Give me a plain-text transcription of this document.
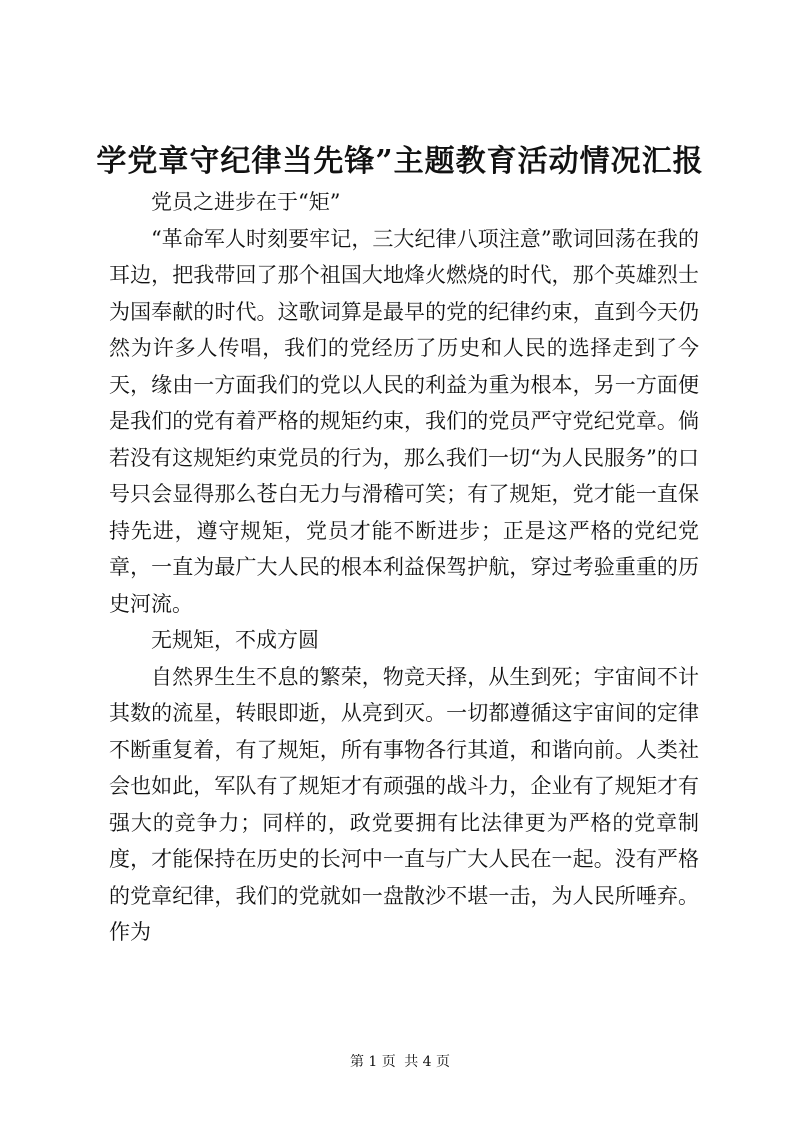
学党章守纪律当先锋”主题教育活动情况汇报

党员之进步在于“矩”

“革命军人时刻要牢记，三大纪律八项注意”歌词回荡在我的耳边，把我带回了那个祖国大地烽火燃烧的时代，那个英雄烈士为国奉献的时代。这歌词算是最早的党的纪律约束，直到今天仍然为许多人传唱，我们的党经历了历史和人民的选择走到了今天，缘由一方面我们的党以人民的利益为重为根本，另一方面便是我们的党有着严格的规矩约束，我们的党员严守党纪党章。倘若没有这规矩约束党员的行为，那么我们一切“为人民服务”的口号只会显得那么苍白无力与滑稽可笑；有了规矩，党才能一直保持先进，遵守规矩，党员才能不断进步；正是这严格的党纪党章，一直为最广大人民的根本利益保驾护航，穿过考验重重的历史河流。

无规矩，不成方圆

自然界生生不息的繁荣，物竞天择，从生到死；宇宙间不计其数的流星，转眼即逝，从亮到灭。一切都遵循这宇宙间的定律不断重复着，有了规矩，所有事物各行其道，和谐向前。人类社会也如此，军队有了规矩才有顽强的战斗力，企业有了规矩才有强大的竞争力；同样的，政党要拥有比法律更为严格的党章制度，才能保持在历史的长河中一直与广大人民在一起。没有严格的党章纪律，我们的党就如一盘散沙不堪一击，为人民所唾弃。作为

第 1 页 共 4 页
